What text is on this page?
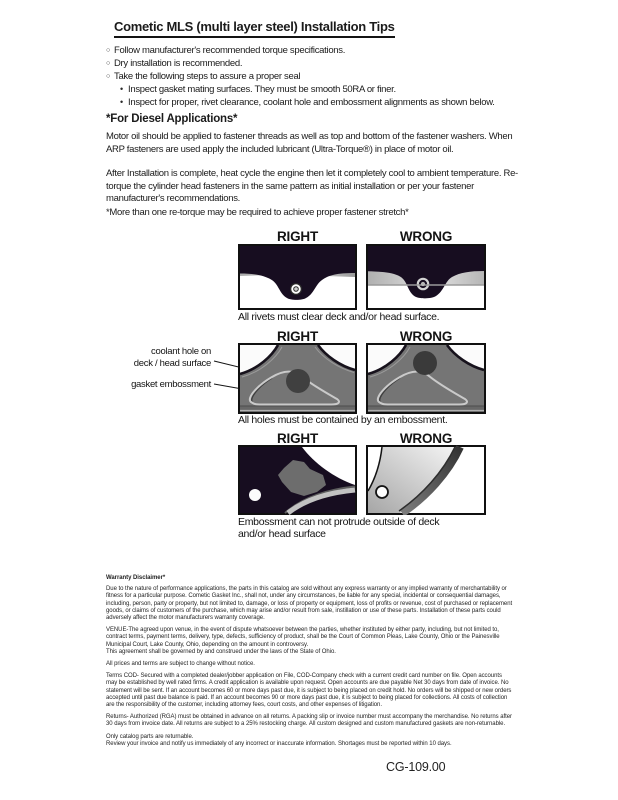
Cometic MLS (multi layer steel) Installation Tips
○ Follow manufacturer's recommended torque specifications.
○ Dry installation is recommended.
○ Take the following steps to assure a proper seal
• Inspect gasket mating surfaces. They must be smooth 50RA or finer.
• Inspect for proper, rivet clearance, coolant hole and embossment alignments as shown below.
*For Diesel Applications*
Motor oil should be applied to fastener threads as well as top and bottom of the fastener washers. When ARP fasteners are used apply the included lubricant (Ultra-Torque®) in place of motor oil.
After Installation is complete, heat cycle the engine then let it completely cool to ambient temperature. Re-torque the cylinder head fasteners in the same pattern as initial installation or per your fastener manufacturer's recommendations.
*More than one re-torque may be required to achieve proper fastener stretch*
RIGHT	WRONG
All rivets must clear deck and/or head surface.
RIGHT	WRONG
coolant hole on
deck / head surface
gasket embossment
All holes must be contained by an embossment.
RIGHT	WRONG
Embossment can not protrude outside of deck
and/or head surface
Warranty Disclaimer*

Due to the nature of performance applications, the parts in this catalog are sold without any express warranty or any implied warranty of merchantability or fitness for a particular purpose. Cometic Gasket Inc., shall not, under any circumstances, be liable for any special, incidental or consequential damages, including, person, party or property, but not limited to, damage, or loss of property or equipment, loss of profits or revenue, cost of purchased or replacement goods, or claims of customers of the purchase, which may arise and/or result from sale, instillation or use of these parts. Installation of these parts could adversely affect the motor manufacturers warranty coverage.

VENUE-The agreed upon venue, in the event of dispute whatsoever between the parties, whether instituted by either party, including, but not limited to, contract terms, payment terms, delivery, type, defects, sufficiency of product, shall be the Court of Common Pleas, Lake County, Ohio or the Painesville Municipal Court, Lake County, Ohio, depending on the amount in controversy.

This agreement shall be governed by and construed under the laws of the State of Ohio.

All prices and terms are subject to change without notice.

Terms COD- Secured with a completed dealer/jobber application on File, COD-Company check with a current credit card number on file. Open accounts may be established by well rated firms. A credit application is available upon request. Open accounts are due payable Net 30 days from date of invoice. No statement will be sent. If an account becomes 60 or more days past due, it is subject to being placed on credit hold. No orders will be shipped or new orders accepted until past due balance is paid. If an account becomes 90 or more days past due, it is subject to being placed for collections. All costs of collection are the responsibility of the customer, including attorney fees, court costs, and other expenses of litigation.

Returns- Authorized (RGA) must be obtained in advance on all returns. A packing slip or invoice number must accompany the merchandise. No returns after 30 days from invoice date. All returns are subject to a 25% restocking charge. All custom designed and custom manufactured gaskets are non-returnable.

Only catalog parts are returnable.

Review your invoice and notify us immediately of any incorrect or inaccurate information. Shortages must be reported within 10 days.

CG-109.00
